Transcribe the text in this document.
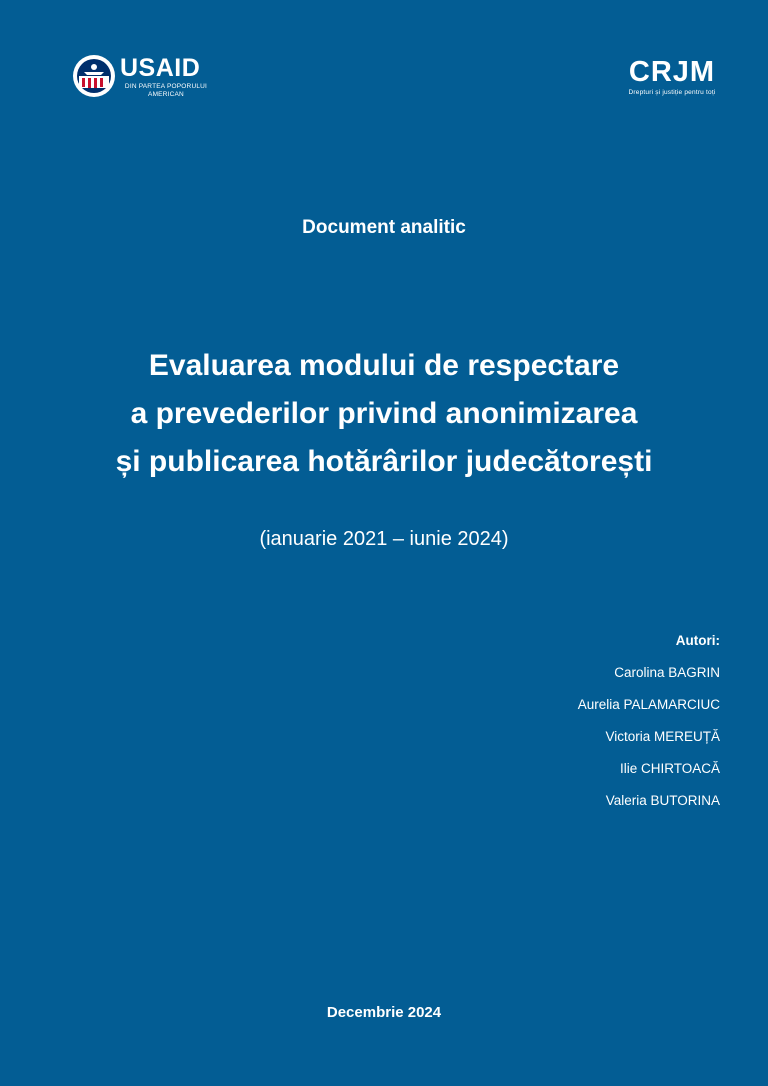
USAID
DIN PARTEA POPORULUI
AMERICAN
CRJM
Drepturi și justiție pentru toți
Document analitic
Evaluarea modului de respectare
a prevederilor privind anonimizarea
și publicarea hotărârilor judecătorești
(ianuarie 2021 – iunie 2024)
Autori:
Carolina BAGRIN
Aurelia PALAMARCIUC
Victoria MEREUȚĂ
Ilie CHIRTOACĂ
Valeria BUTORINA
Decembrie 2024
